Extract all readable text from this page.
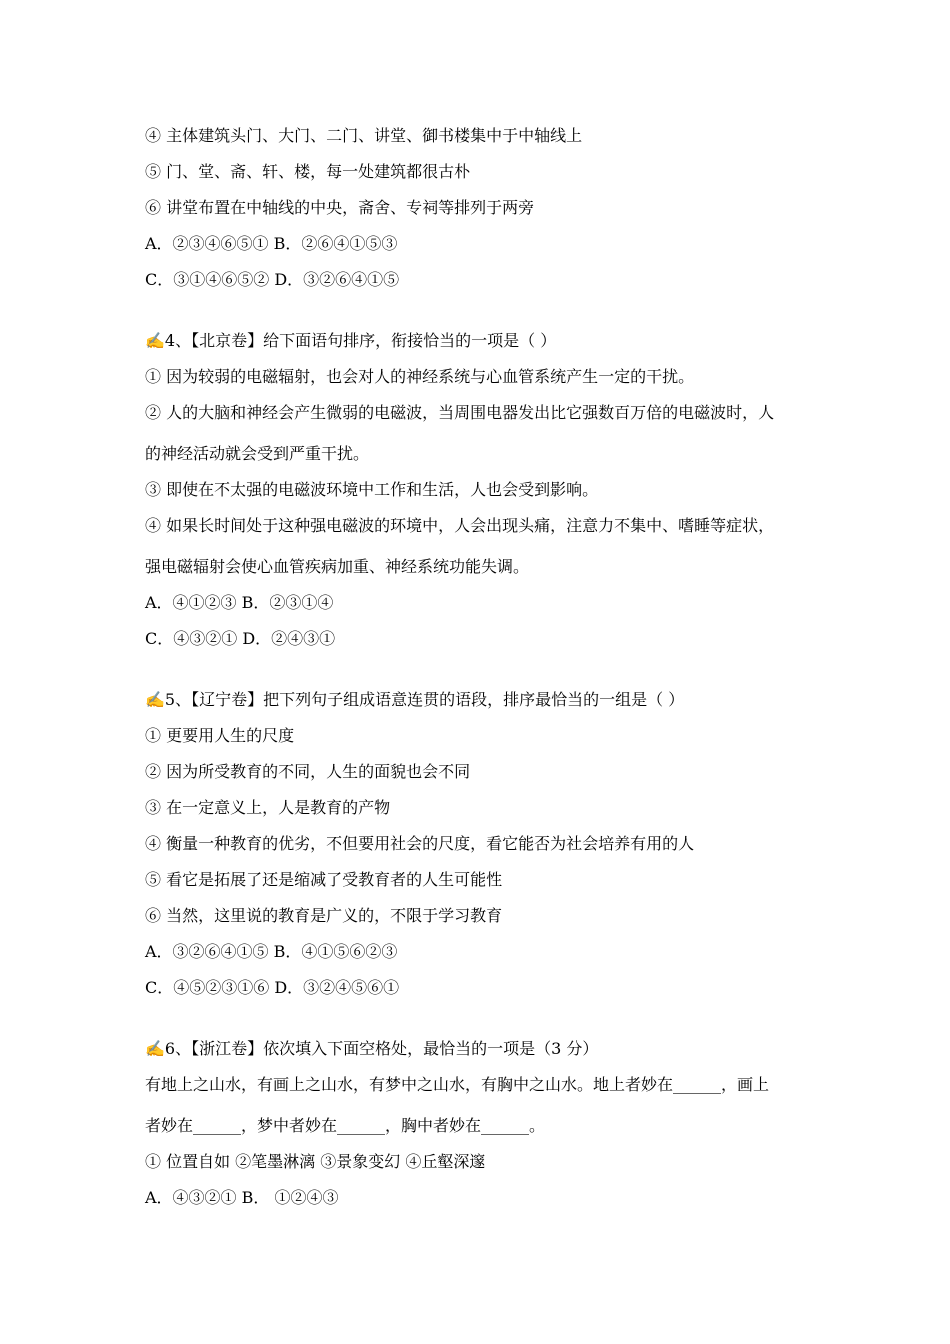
④ 主体建筑头门、大门、二门、讲堂、御书楼集中于中轴线上
⑤ 门、堂、斋、轩、楼，每一处建筑都很古朴
⑥ 讲堂布置在中轴线的中央，斋舍、专祠等排列于两旁
A．②③④⑥⑤① B．②⑥④①⑤③
C．③①④⑥⑤② D．③②⑥④①⑤
✍4、【北京卷】给下面语句排序，衔接恰当的一项是（ ）
① 因为较弱的电磁辐射，也会对人的神经系统与心血管系统产生一定的干扰。
② 人的大脑和神经会产生微弱的电磁波，当周围电器发出比它强数百万倍的电磁波时，人
的神经活动就会受到严重干扰。
③ 即使在不太强的电磁波环境中工作和生活，人也会受到影响。
④ 如果长时间处于这种强电磁波的环境中，人会出现头痛，注意力不集中、嗜睡等症状，
强电磁辐射会使心血管疾病加重、神经系统功能失调。
A．④①②③ B．②③①④
C．④③②① D．②④③①
✍5、【辽宁卷】把下列句子组成语意连贯的语段，排序最恰当的一组是（ ）
① 更要用人生的尺度
② 因为所受教育的不同，人生的面貌也会不同
③ 在一定意义上，人是教育的产物
④ 衡量一种教育的优劣，不但要用社会的尺度，看它能否为社会培养有用的人
⑤ 看它是拓展了还是缩减了受教育者的人生可能性
⑥ 当然，这里说的教育是广义的，不限于学习教育
A．③②⑥④①⑤ B．④①⑤⑥②③
C．④⑤②③①⑥ D．③②④⑤⑥①
✍6、【浙江卷】依次填入下面空格处，最恰当的一项是（3 分）
有地上之山水，有画上之山水，有梦中之山水，有胸中之山水。地上者妙在______，画上
者妙在______，梦中者妙在______，胸中者妙在______。
① 位置自如 ②笔墨淋漓 ③景象变幻 ④丘壑深邃
A．④③②① B． ①②④③
